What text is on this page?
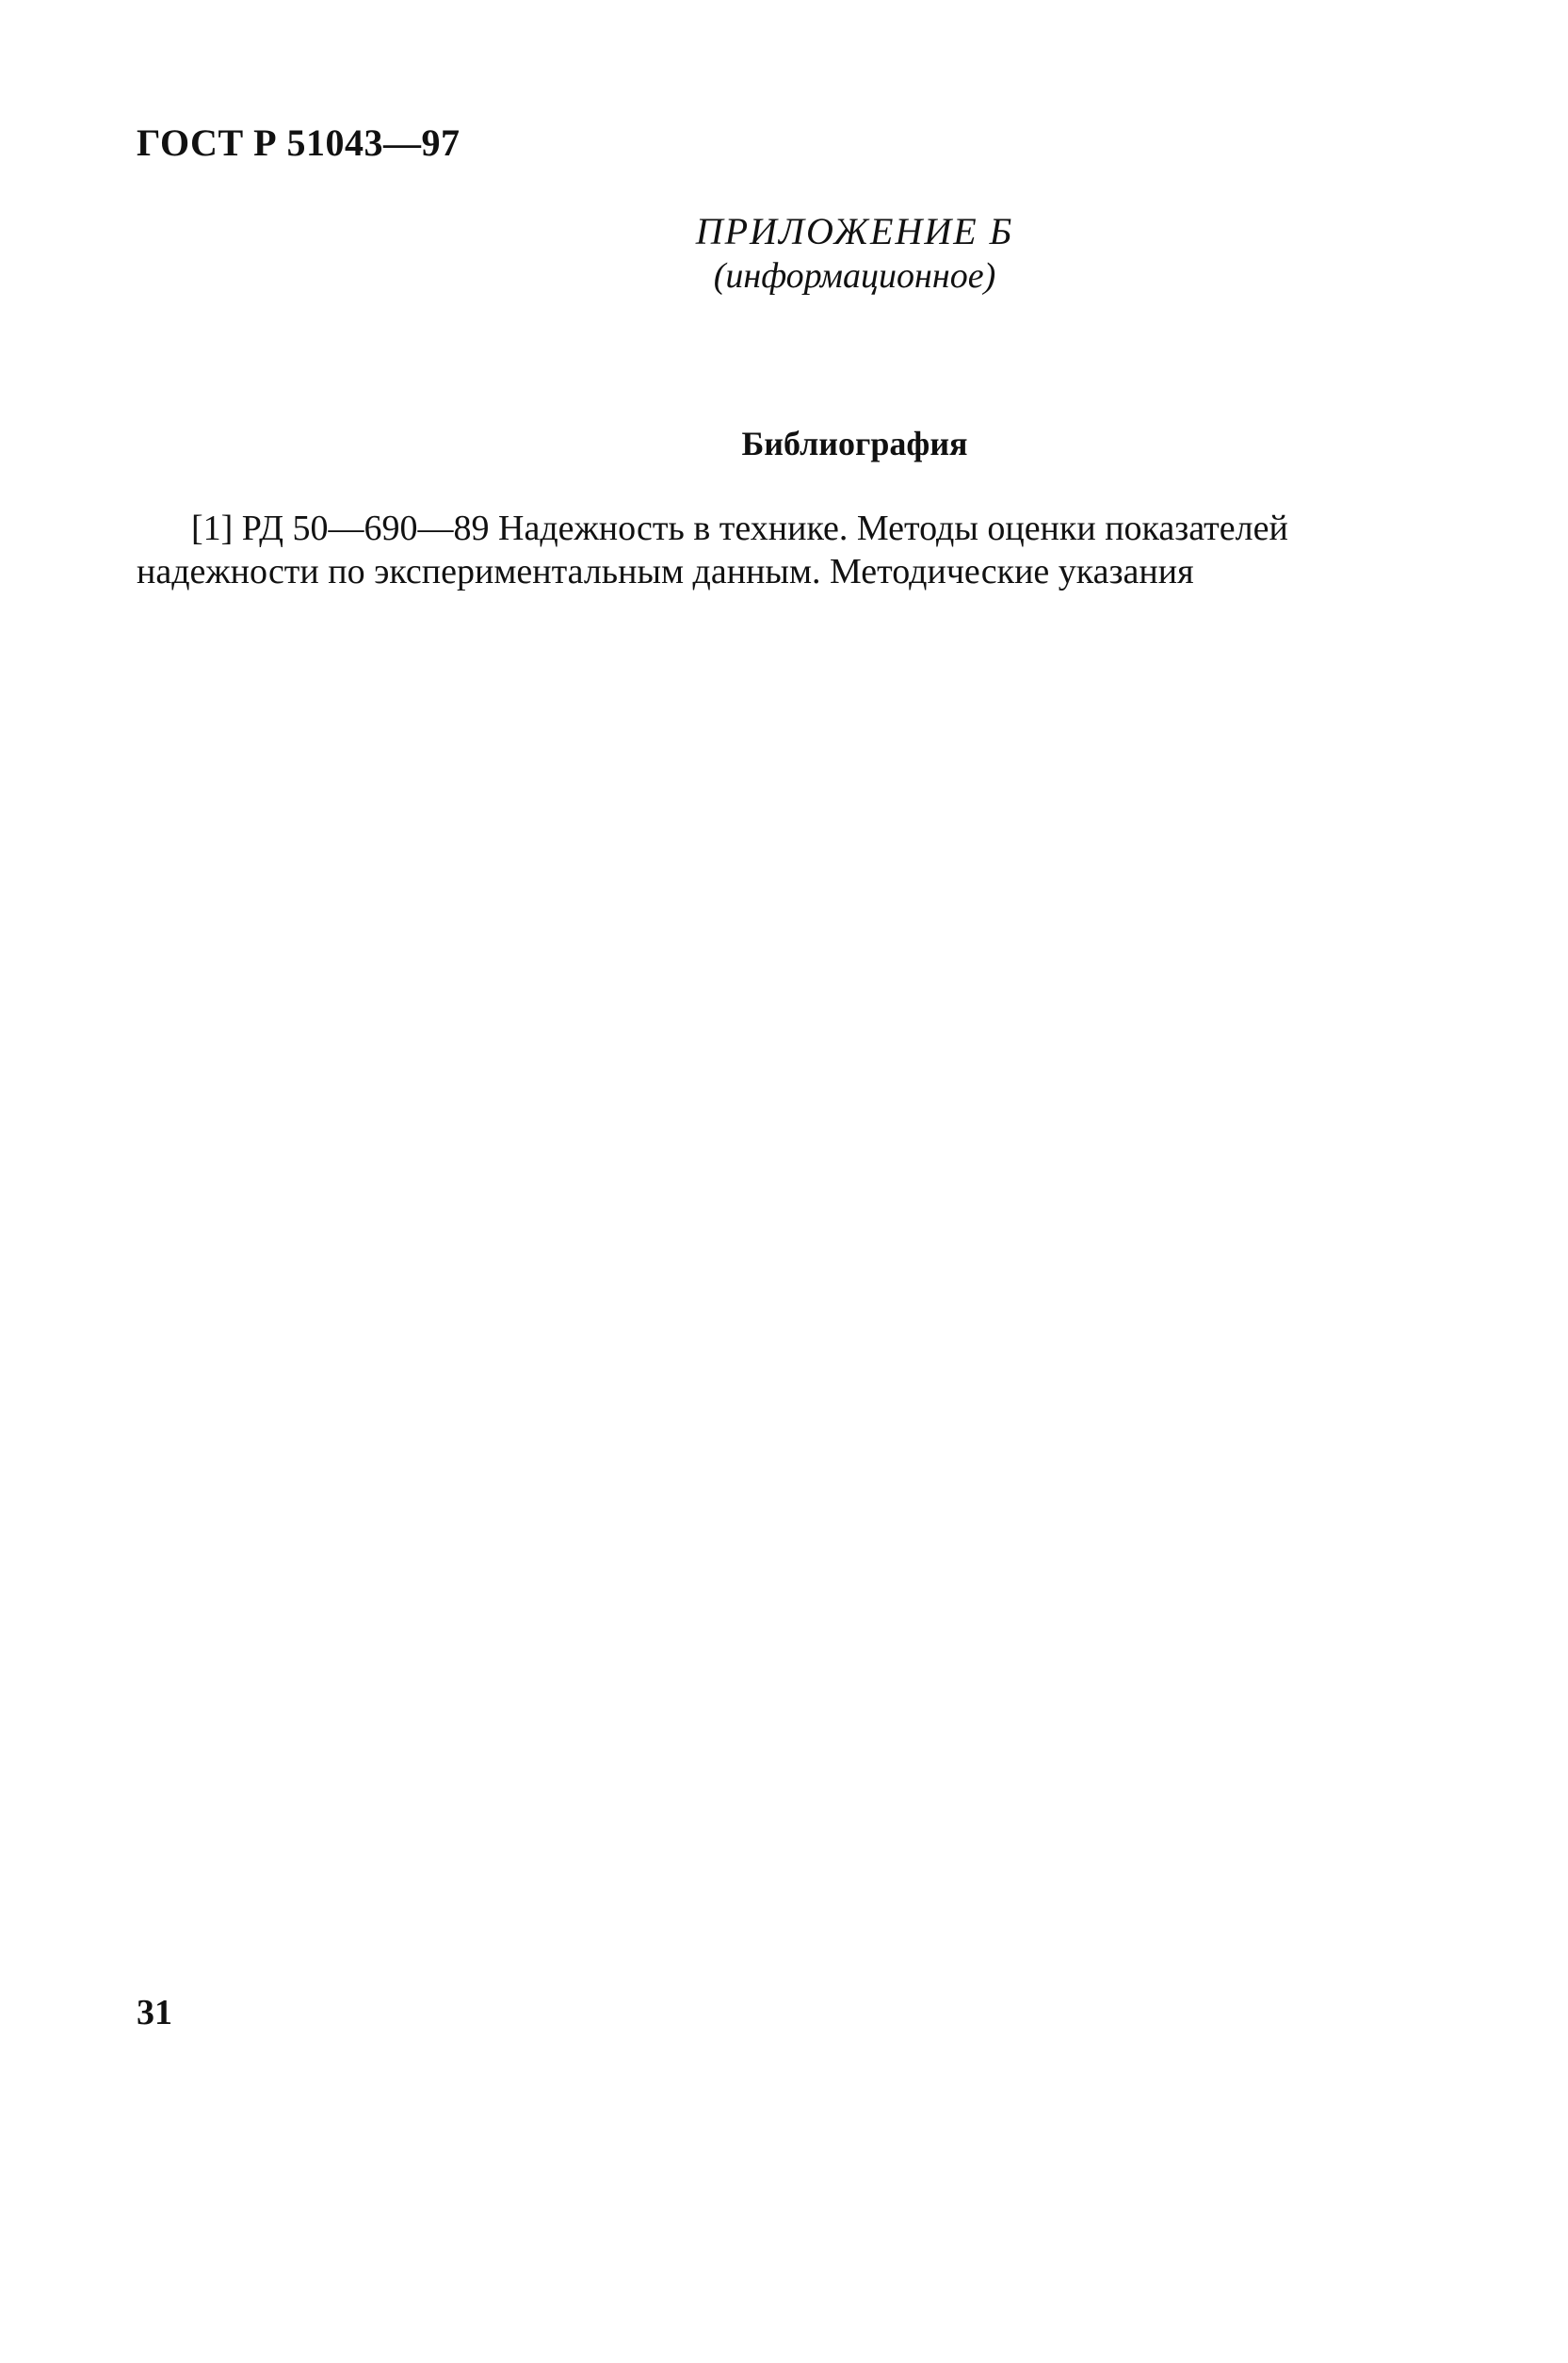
ГОСТ Р 51043—97
ПРИЛОЖЕНИЕ Б
(информационное)
Библиография
[1] РД 50—690—89 Надежность в технике. Методы оценки показателей
надежности по экспериментальным данным. Методические указания
31
